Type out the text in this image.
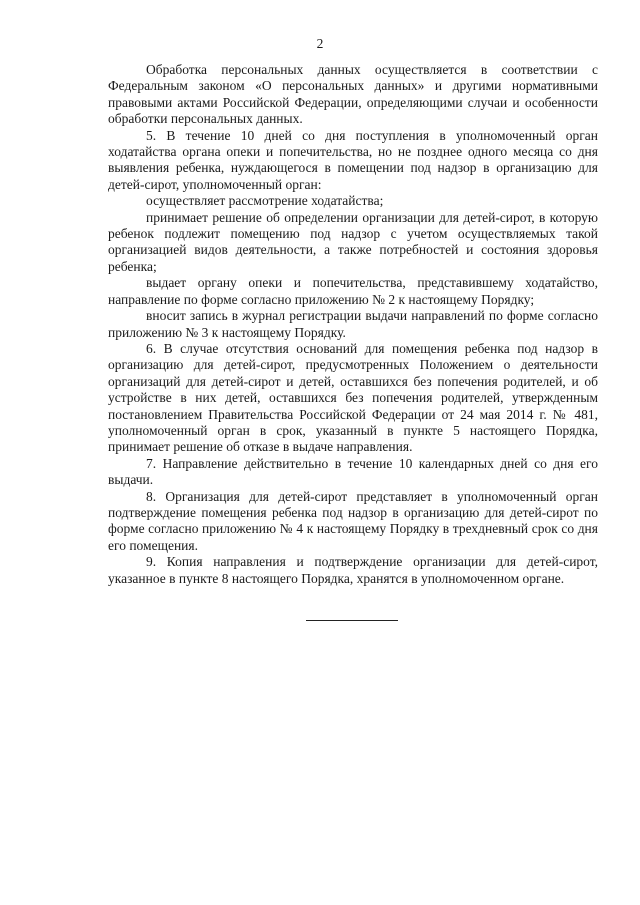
2

Обработка персональных данных осуществляется в соответствии с Федеральным законом «О персональных данных» и другими нормативными правовыми актами Российской Федерации, определяющими случаи и особенности обработки персональных данных.

5. В течение 10 дней со дня поступления в уполномоченный орган ходатайства органа опеки и попечительства, но не позднее одного месяца со дня выявления ребенка, нуждающегося в помещении под надзор в организацию для детей-сирот, уполномоченный орган:

осуществляет рассмотрение ходатайства;

принимает решение об определении организации для детей-сирот, в которую ребенок подлежит помещению под надзор с учетом осуществляемых такой организацией видов деятельности, а также потребностей и состояния здоровья ребенка;

выдает органу опеки и попечительства, представившему ходатайство, направление по форме согласно приложению № 2 к настоящему Порядку;

вносит запись в журнал регистрации выдачи направлений по форме согласно приложению № 3 к настоящему Порядку.

6. В случае отсутствия оснований для помещения ребенка под надзор в организацию для детей-сирот, предусмотренных Положением о деятельности организаций для детей-сирот и детей, оставшихся без попечения родителей, и об устройстве в них детей, оставшихся без попечения родителей, утвержденным постановлением Правительства Российской Федерации от 24 мая 2014 г. № 481, уполномоченный орган в срок, указанный в пункте 5 настоящего Порядка, принимает решение об отказе в выдаче направления.

7. Направление действительно в течение 10 календарных дней со дня его выдачи.

8. Организация для детей-сирот представляет в уполномоченный орган подтверждение помещения ребенка под надзор в организацию для детей-сирот по форме согласно приложению № 4 к настоящему Порядку в трехдневный срок со дня его помещения.

9. Копия направления и подтверждение организации для детей-сирот, указанное в пункте 8 настоящего Порядка, хранятся в уполномоченном органе.
